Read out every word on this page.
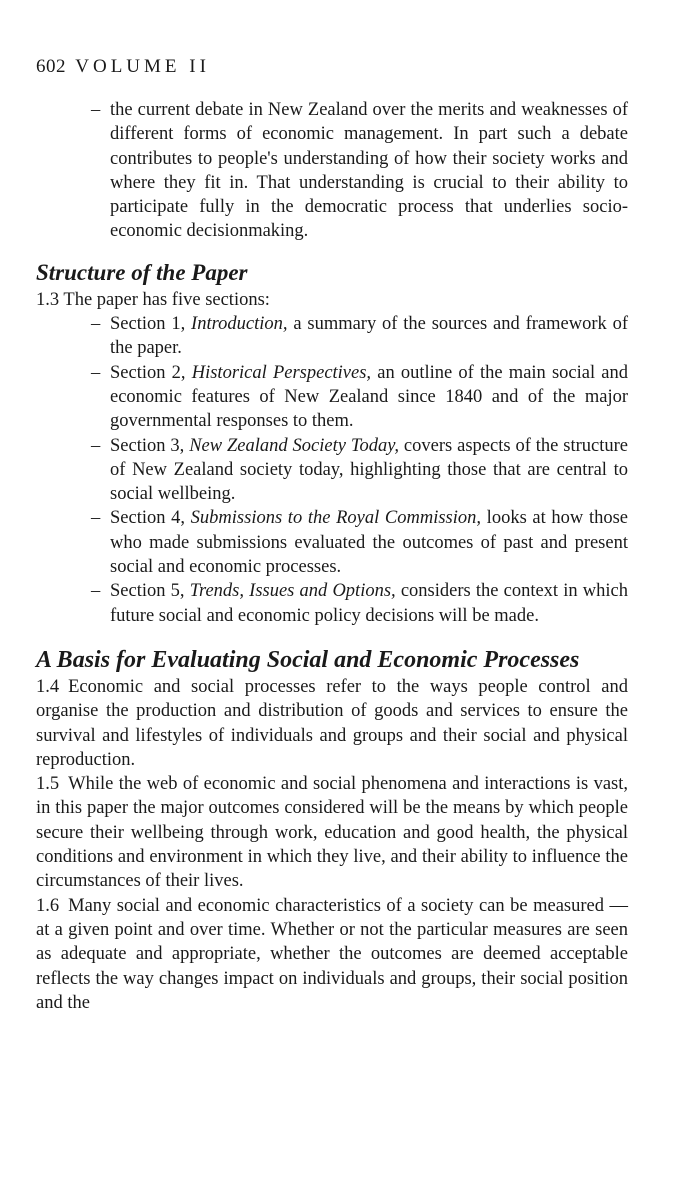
602 VOLUME II

– the current debate in New Zealand over the merits and weaknesses of different forms of economic management. In part such a debate contributes to people's understanding of how their society works and where they fit in. That understanding is crucial to their ability to participate fully in the democratic process that underlies socio-economic decisionmaking.

Structure of the Paper

1.3 The paper has five sections:

– Section 1, Introduction, a summary of the sources and framework of the paper.

– Section 2, Historical Perspectives, an outline of the main social and economic features of New Zealand since 1840 and of the major governmental responses to them.

– Section 3, New Zealand Society Today, covers aspects of the structure of New Zealand society today, highlighting those that are central to social wellbeing.

– Section 4, Submissions to the Royal Commission, looks at how those who made submissions evaluated the outcomes of past and present social and economic processes.

– Section 5, Trends, Issues and Options, considers the context in which future social and economic policy decisions will be made.

A Basis for Evaluating Social and Economic Processes

1.4 Economic and social processes refer to the ways people control and organise the production and distribution of goods and services to ensure the survival and lifestyles of individuals and groups and their social and physical reproduction.

1.5 While the web of economic and social phenomena and interactions is vast, in this paper the major outcomes considered will be the means by which people secure their wellbeing through work, education and good health, the physical conditions and environment in which they live, and their ability to influence the circumstances of their lives.

1.6 Many social and economic characteristics of a society can be measured —at a given point and over time. Whether or not the particular measures are seen as adequate and appropriate, whether the outcomes are deemed acceptable reflects the way changes impact on individuals and groups, their social position and the
